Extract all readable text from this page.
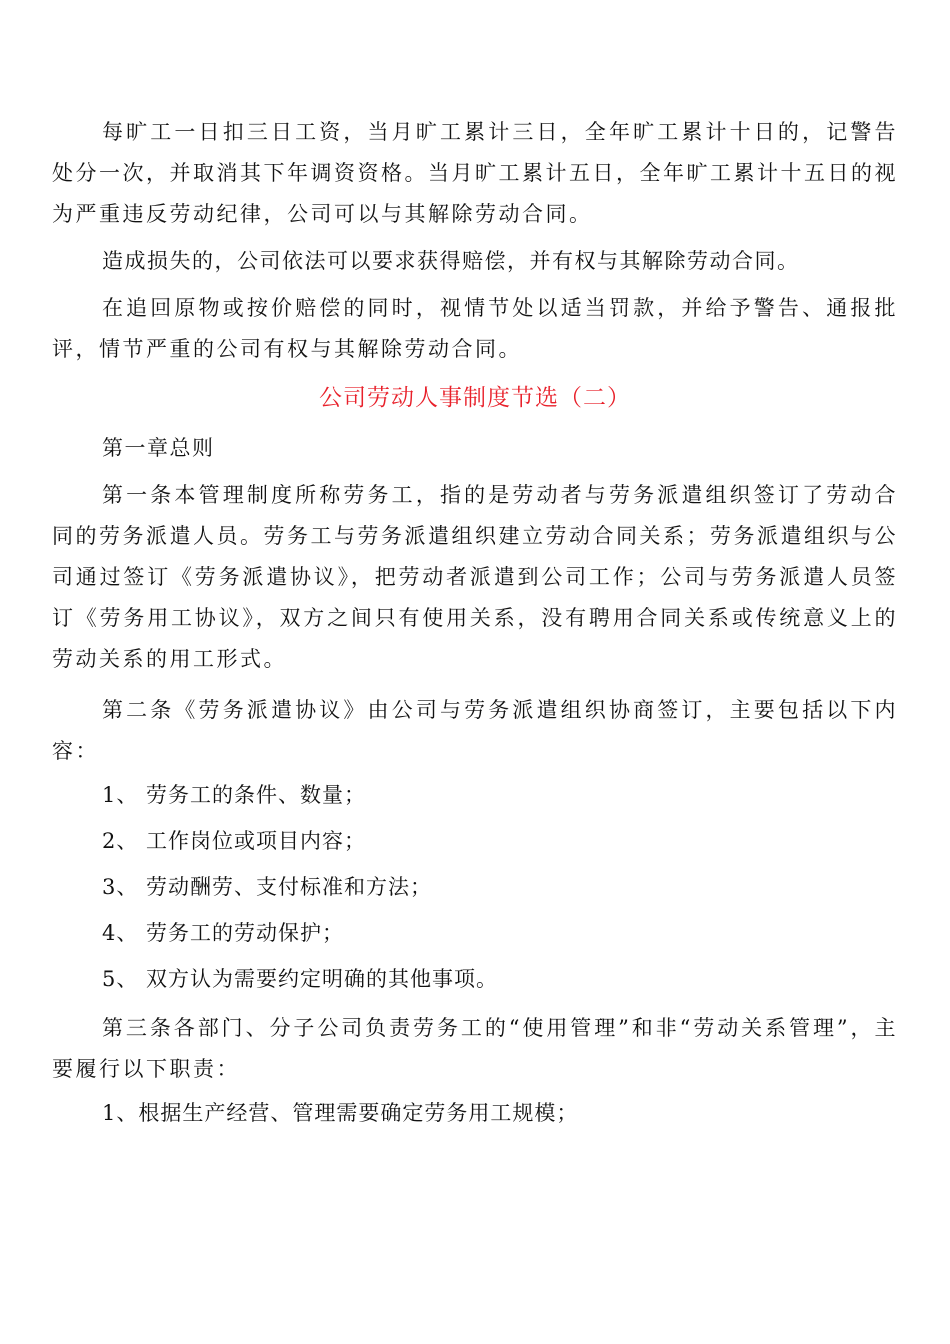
每旷工一日扣三日工资，当月旷工累计三日，全年旷工累计十日的，记警告处分一次，并取消其下年调资资格。当月旷工累计五日，全年旷工累计十五日的视为严重违反劳动纪律，公司可以与其解除劳动合同。

造成损失的，公司依法可以要求获得赔偿，并有权与其解除劳动合同。

在追回原物或按价赔偿的同时，视情节处以适当罚款，并给予警告、通报批评，情节严重的公司有权与其解除劳动合同。

公司劳动人事制度节选（二）

第一章总则

第一条本管理制度所称劳务工，指的是劳动者与劳务派遣组织签订了劳动合同的劳务派遣人员。劳务工与劳务派遣组织建立劳动合同关系；劳务派遣组织与公司通过签订《劳务派遣协议》，把劳动者派遣到公司工作；公司与劳务派遣人员签订《劳务用工协议》，双方之间只有使用关系，没有聘用合同关系或传统意义上的劳动关系的用工形式。

第二条《劳务派遣协议》由公司与劳务派遣组织协商签订，主要包括以下内容：

1、 劳务工的条件、数量；

2、 工作岗位或项目内容；

3、 劳动酬劳、支付标准和方法；

4、 劳务工的劳动保护；

5、 双方认为需要约定明确的其他事项。

第三条各部门、分子公司负责劳务工的“使用管理”和非“劳动关系管理”，主要履行以下职责：

1、根据生产经营、管理需要确定劳务用工规模；
